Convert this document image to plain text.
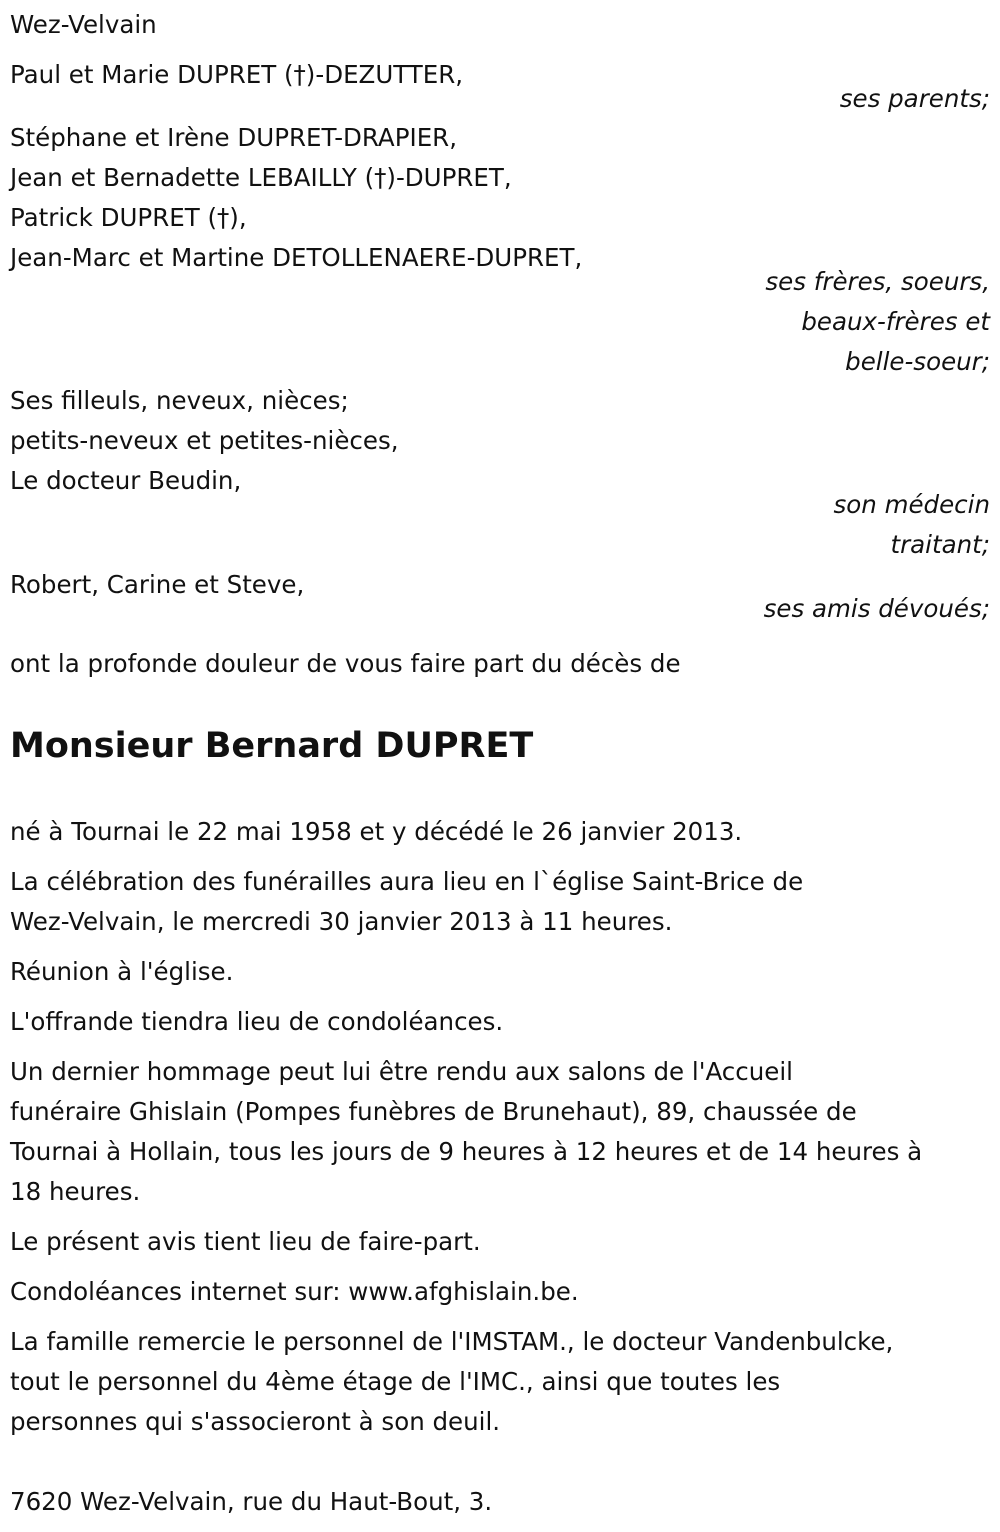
Wez-Velvain
Paul et Marie DUPRET (†)-DEZUTTER,
ses parents;
Stéphane et Irène DUPRET-DRAPIER,
Jean et Bernadette LEBAILLY (†)-DUPRET,
Patrick DUPRET (†),
Jean-Marc et Martine DETOLLENAERE-DUPRET,
ses frères, soeurs,
beaux-frères et
belle-soeur;
Ses filleuls, neveux, nièces;
petits-neveux et petites-nièces,
Le docteur Beudin,
son médecin
traitant;
Robert, Carine et Steve,
ses amis dévoués;
ont la profonde douleur de vous faire part du décès de
Monsieur Bernard DUPRET
né à Tournai le 22 mai 1958 et y décédé le 26 janvier 2013.
La célébration des funérailles aura lieu en l`église Saint-Brice de
Wez-Velvain, le mercredi 30 janvier 2013 à 11 heures.
Réunion à l'église.
L'offrande tiendra lieu de condoléances.
Un dernier hommage peut lui être rendu aux salons de l'Accueil
funéraire Ghislain (Pompes funèbres de Brunehaut), 89, chaussée de
Tournai à Hollain, tous les jours de 9 heures à 12 heures et de 14 heures à
18 heures.
Le présent avis tient lieu de faire-part.
Condoléances internet sur: www.afghislain.be.
La famille remercie le personnel de l'IMSTAM., le docteur Vandenbulcke,
tout le personnel du 4ème étage de l'IMC., ainsi que toutes les
personnes qui s'associeront à son deuil.
7620 Wez-Velvain, rue du Haut-Bout, 3.
